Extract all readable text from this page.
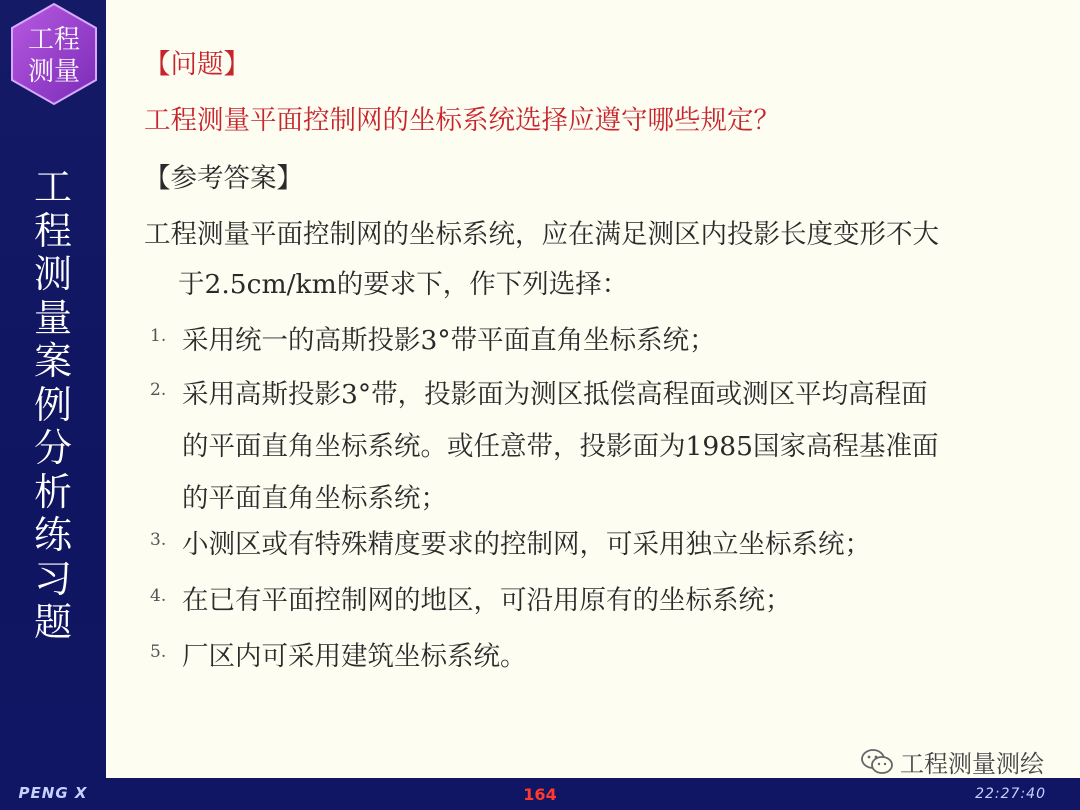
工程
测量
工
程
测
量
案
例
分
析
练
习
题
PENG X	164	22:27:40
【问题】
工程测量平面控制网的坐标系统选择应遵守哪些规定？
【参考答案】
工程测量平面控制网的坐标系统，应在满足测区内投影长度变形不大
于2.5cm/km的要求下，作下列选择：
1. 采用统一的高斯投影3°带平面直角坐标系统；
2. 采用高斯投影3°带，投影面为测区抵偿高程面或测区平均高程面
的平面直角坐标系统。或任意带，投影面为1985国家高程基准面
的平面直角坐标系统；
3. 小测区或有特殊精度要求的控制网，可采用独立坐标系统；
4. 在已有平面控制网的地区，可沿用原有的坐标系统；
5. 厂区内可采用建筑坐标系统。
工程测量测绘
